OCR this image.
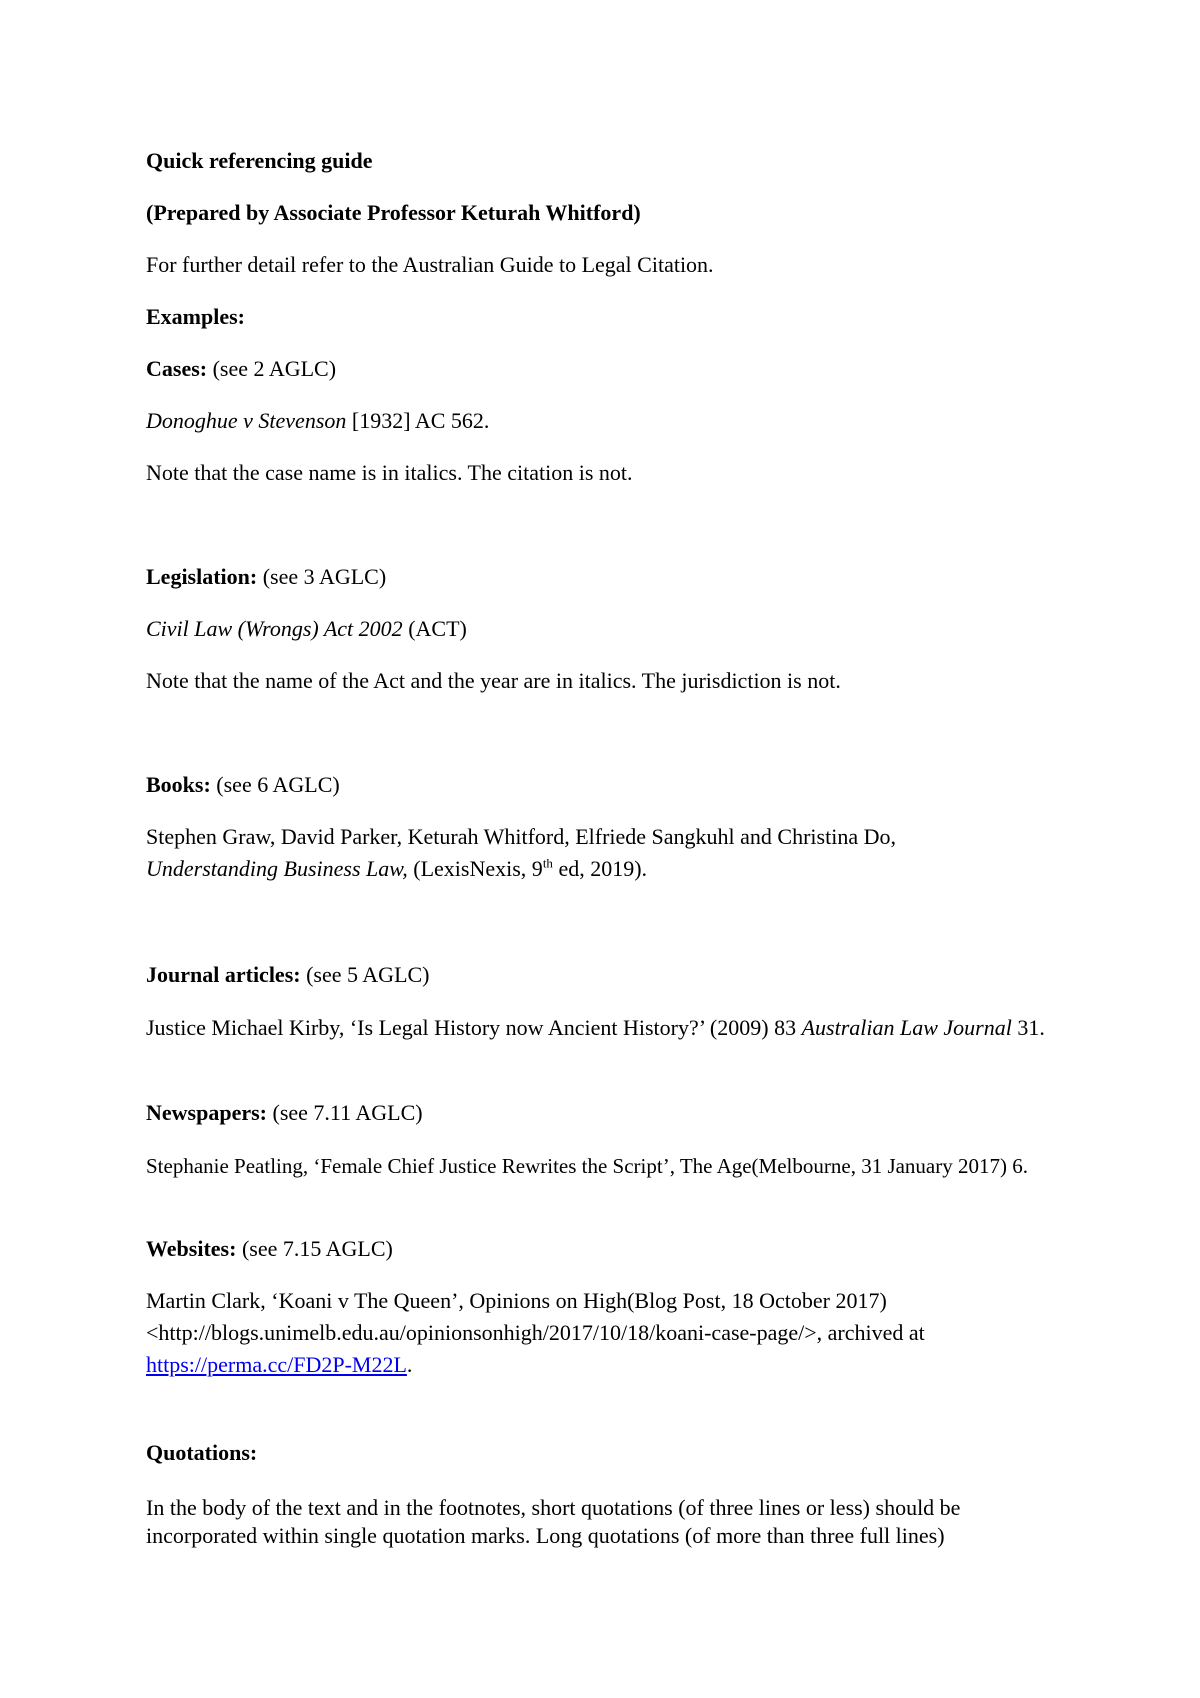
Quick referencing guide

(Prepared by Associate Professor Keturah Whitford)

For further detail refer to the Australian Guide to Legal Citation.

Examples:

Cases: (see 2 AGLC)

Donoghue v Stevenson [1932] AC 562.

Note that the case name is in italics. The citation is not.

Legislation: (see 3 AGLC)

Civil Law (Wrongs) Act 2002 (ACT)

Note that the name of the Act and the year are in italics. The jurisdiction is not.

Books: (see 6 AGLC)

Stephen Graw, David Parker, Keturah Whitford, Elfriede Sangkuhl and Christina Do,

Understanding Business Law, (LexisNexis, 9th ed, 2019).

Journal articles: (see 5 AGLC)

Justice Michael Kirby, ‘Is Legal History now Ancient History?’ (2009) 83 Australian Law Journal 31.

Newspapers: (see 7.11 AGLC)

Stephanie Peatling, ‘Female Chief Justice Rewrites the Script’, The Age(Melbourne, 31 January 2017) 6.

Websites: (see 7.15 AGLC)

Martin Clark, ‘Koani v The Queen’, Opinions on High(Blog Post, 18 October 2017)

<http://blogs.unimelb.edu.au/opinionsonhigh/2017/10/18/koani-case-page/>, archived at

https://perma.cc/FD2P-M22L.

Quotations:

In the body of the text and in the footnotes, short quotations (of three lines or less) should be incorporated within single quotation marks. Long quotations (of more than three full lines)
